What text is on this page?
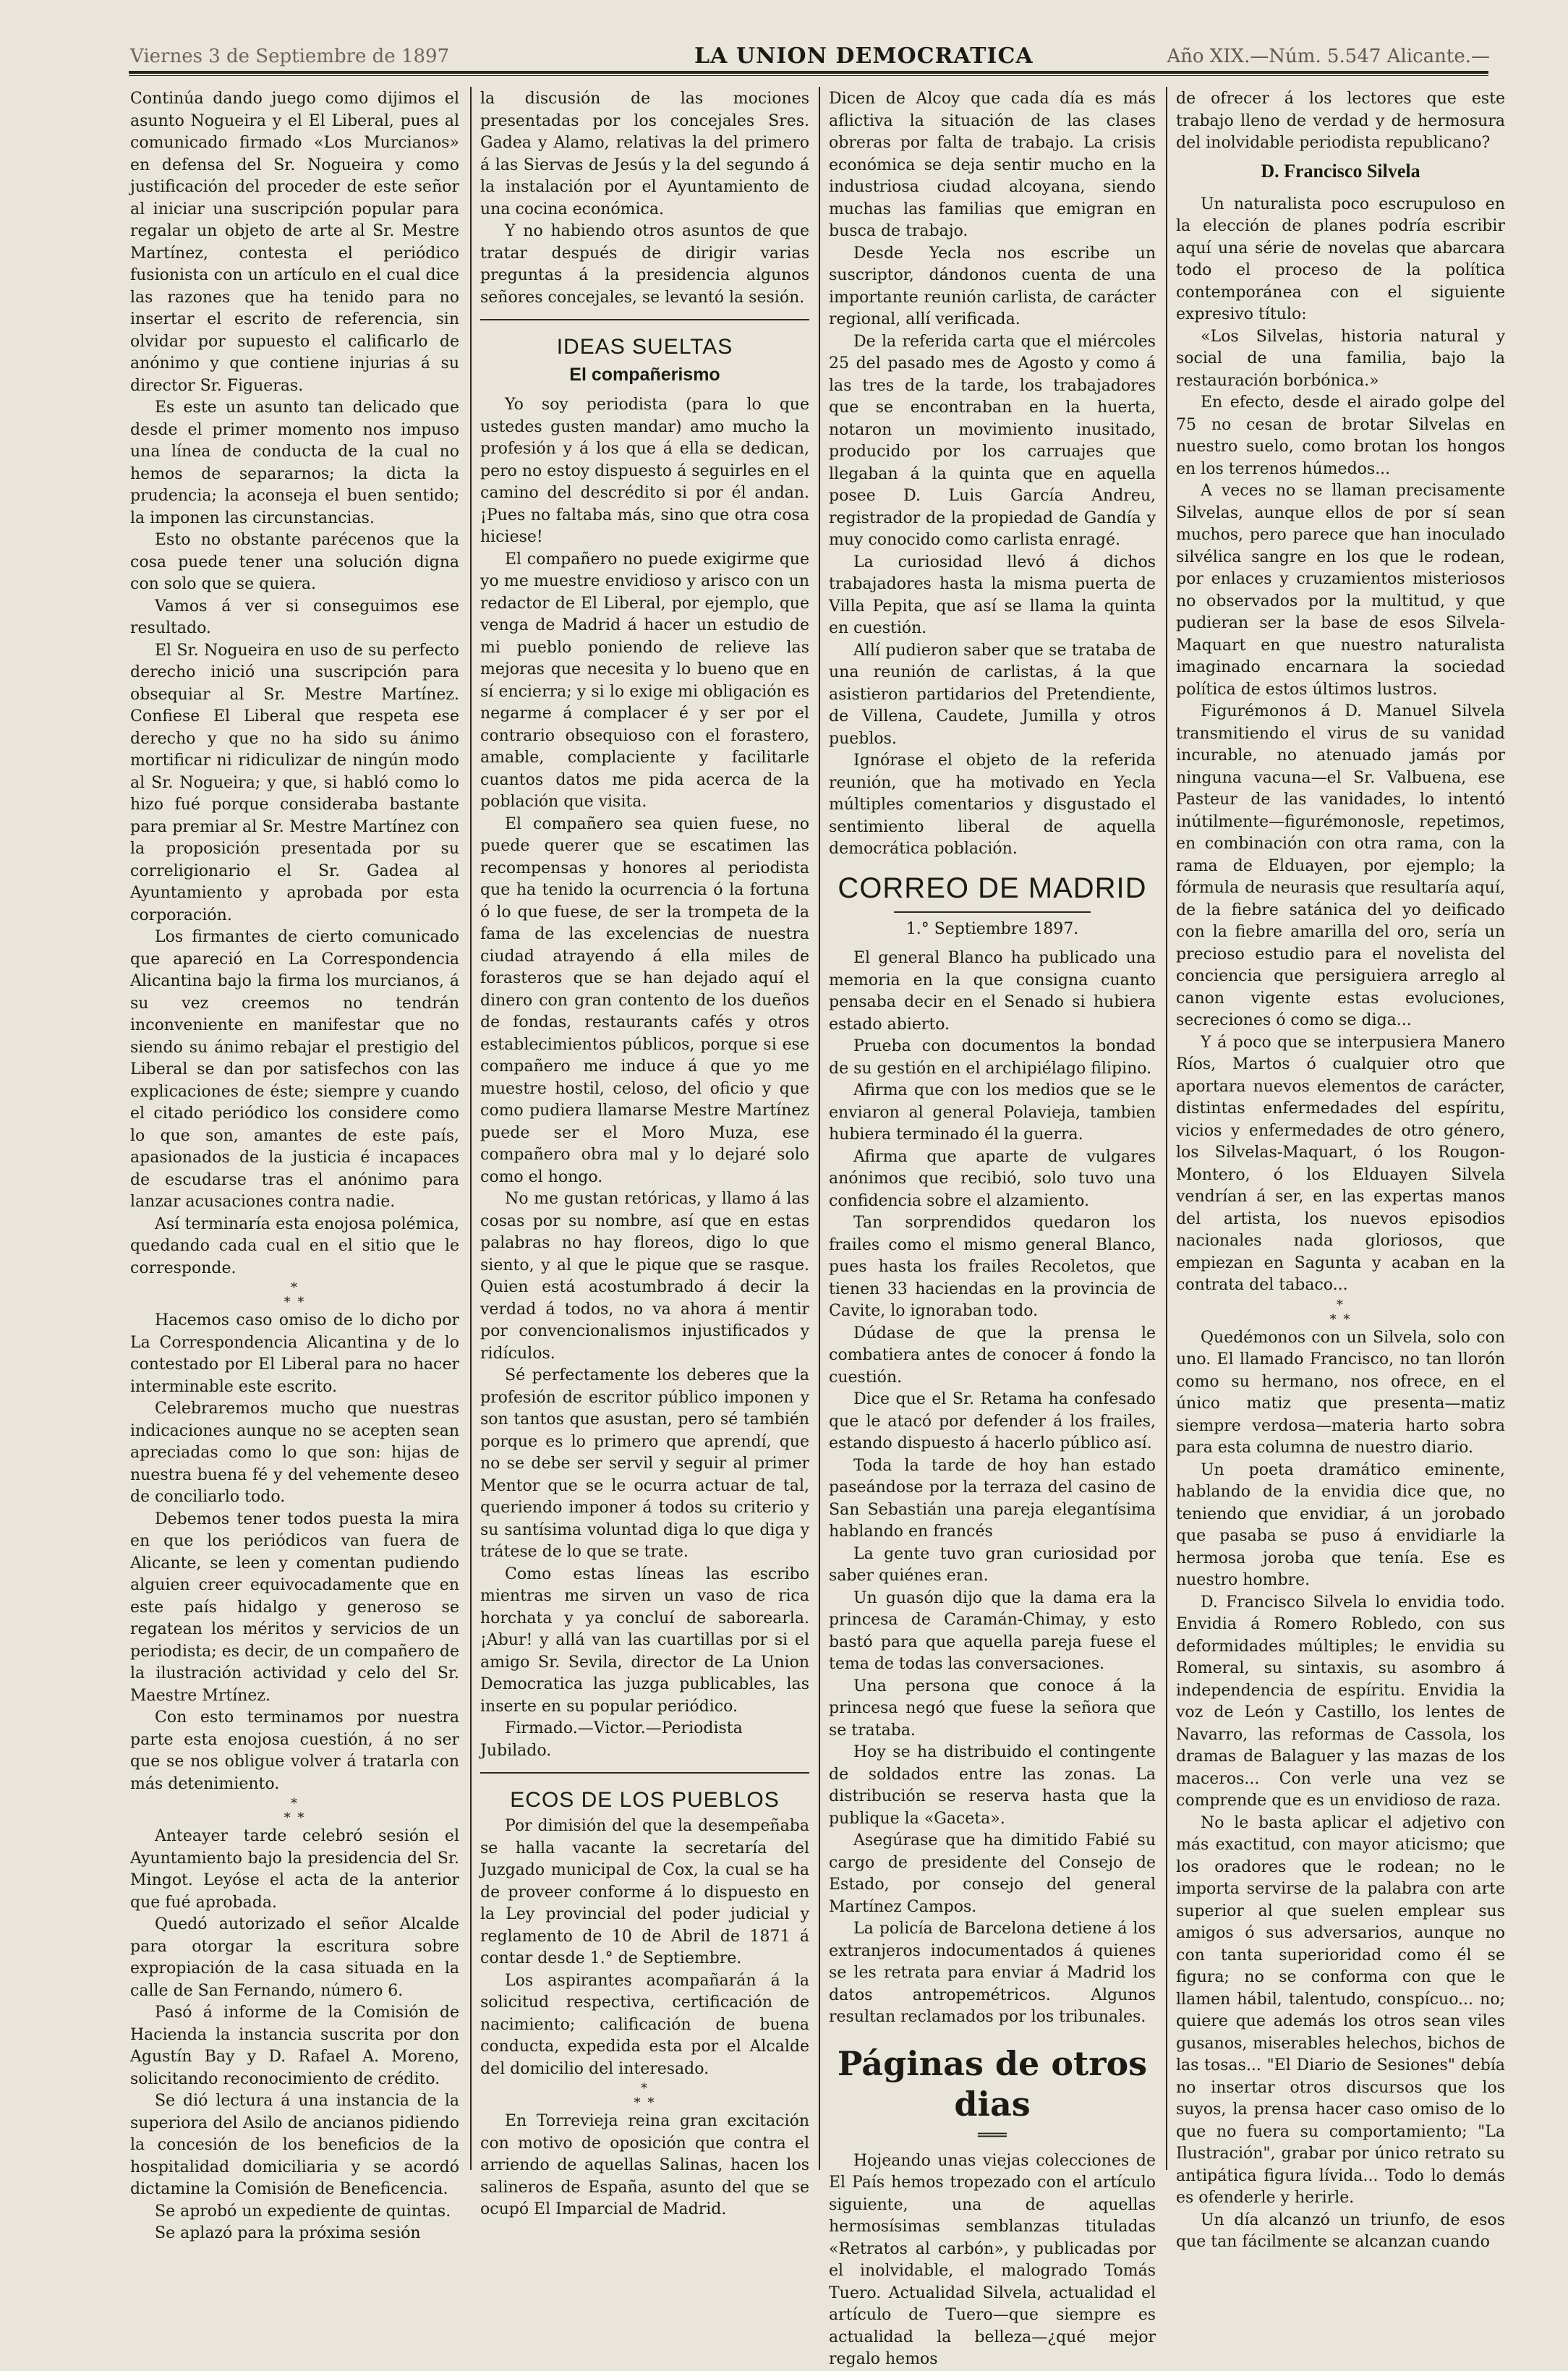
Viernes 3 de Septiembre de 1897	LA UNION DEMOCRATICA	Año XIX.—Núm. 5.547 Alicante.—

Continúa dando juego como dijimos el asunto Nogueira y el El Liberal, pues al comunicado firmado «Los Murcianos» en defensa del Sr. Nogueira y como justificación del proceder de este señor al iniciar una suscripción popular para regalar un objeto de arte al Sr. Mestre Martínez, contesta el periódico fusionista con un artículo en el cual dice las razones que ha tenido para no insertar el escrito de referencia, sin olvidar por supuesto el calificarlo de anónimo y que contiene injurias á su director Sr. Figueras.

Es este un asunto tan delicado que desde el primer momento nos impuso una línea de conducta de la cual no hemos de separarnos; la dicta la prudencia; la aconseja el buen sentido; la imponen las circunstancias.

Esto no obstante parécenos que la cosa puede tener una solución digna con solo que se quiera.

Vamos á ver si conseguimos ese resultado.

El Sr. Nogueira en uso de su perfecto derecho inició una suscripción para obsequiar al Sr. Mestre Martínez. Confiese El Liberal que respeta ese derecho y que no ha sido su ánimo mortificar ni ridiculizar de ningún modo al Sr. Nogueira; y que, si habló como lo hizo fué porque consideraba bastante para premiar al Sr. Mestre Martínez con la proposición presentada por su correligionario el Sr. Gadea al Ayuntamiento y aprobada por esta corporación.

Los firmantes de cierto comunicado que apareció en La Correspondencia Alicantina bajo la firma los murcianos, á su vez creemos no tendrán inconveniente en manifestar que no siendo su ánimo rebajar el prestigio del Liberal se dan por satisfechos con las explicaciones de éste; siempre y cuando el citado periódico los considere como lo que son, amantes de este país, apasionados de la justicia é incapaces de escudarse tras el anónimo para lanzar acusaciones contra nadie.

Así terminaría esta enojosa polémica, quedando cada cual en el sitio que le corresponde.

*
* *

Hacemos caso omiso de lo dicho por La Correspondencia Alicantina y de lo contestado por El Liberal para no hacer interminable este escrito.

Celebraremos mucho que nuestras indicaciones aunque no se acepten sean apreciadas como lo que son: hijas de nuestra buena fé y del vehemente deseo de conciliarlo todo.

Debemos tener todos puesta la mira en que los periódicos van fuera de Alicante, se leen y comentan pudiendo alguien creer equivocadamente que en este país hidalgo y generoso se regatean los méritos y servicios de un periodista; es decir, de un compañero de la ilustración actividad y celo del Sr. Maestre Mrtínez.

Con esto terminamos por nuestra parte esta enojosa cuestión, á no ser que se nos obligue volver á tratarla con más detenimiento.

*
* *

Anteayer tarde celebró sesión el Ayuntamiento bajo la presidencia del Sr. Mingot. Leyóse el acta de la anterior que fué aprobada.

Quedó autorizado el señor Alcalde para otorgar la escritura sobre expropiación de la casa situada en la calle de San Fernando, número 6.

Pasó á informe de la Comisión de Hacienda la instancia suscrita por don Agustín Bay y D. Rafael A. Moreno, solicitando reconocimiento de crédito.

Se dió lectura á una instancia de la superiora del Asilo de ancianos pidiendo la concesión de los beneficios de la hospitalidad domiciliaria y se acordó dictamine la Comisión de Beneficencia.

Se aprobó un expediente de quintas.

Se aplazó para la próxima sesión

la discusión de las mociones presentadas por los concejales Sres. Gadea y Alamo, relativas la del primero á las Siervas de Jesús y la del segundo á la instalación por el Ayuntamiento de una cocina económica.

Y no habiendo otros asuntos de que tratar después de dirigir varias preguntas á la presidencia algunos señores concejales, se levantó la sesión.

IDEAS SUELTAS
El compañerismo

Yo soy periodista (para lo que ustedes gusten mandar) amo mucho la profesión y á los que á ella se dedican, pero no estoy dispuesto á seguirles en el camino del descrédito si por él andan. ¡Pues no faltaba más, sino que otra cosa hiciese!

El compañero no puede exigirme que yo me muestre envidioso y arisco con un redactor de El Liberal, por ejemplo, que venga de Madrid á hacer un estudio de mi pueblo poniendo de relieve las mejoras que necesita y lo bueno que en sí encierra; y si lo exige mi obligación es negarme á complacer é y ser por el contrario obsequioso con el forastero, amable, complaciente y facilitarle cuantos datos me pida acerca de la población que visita.

El compañero sea quien fuese, no puede querer que se escatimen las recompensas y honores al periodista que ha tenido la ocurrencia ó la fortuna ó lo que fuese, de ser la trompeta de la fama de las excelencias de nuestra ciudad atrayendo á ella miles de forasteros que se han dejado aquí el dinero con gran contento de los dueños de fondas, restaurants cafés y otros establecimientos públicos, porque si ese compañero me induce á que yo me muestre hostil, celoso, del oficio y que como pudiera llamarse Mestre Martínez puede ser el Moro Muza, ese compañero obra mal y lo dejaré solo como el hongo.

No me gustan retóricas, y llamo á las cosas por su nombre, así que en estas palabras no hay floreos, digo lo que siento, y al que le pique que se rasque. Quien está acostumbrado á decir la verdad á todos, no va ahora á mentir por convencionalismos injustificados y ridículos.

Sé perfectamente los deberes que la profesión de escritor público imponen y son tantos que asustan, pero sé también porque es lo primero que aprendí, que no se debe ser servil y seguir al primer Mentor que se le ocurra actuar de tal, queriendo imponer á todos su criterio y su santísima voluntad diga lo que diga y trátese de lo que se trate.

Como estas líneas las escribo mientras me sirven un vaso de rica horchata y ya concluí de saborearla. ¡Abur! y allá van las cuartillas por si el amigo Sr. Sevila, director de La Union Democratica las juzga publicables, las inserte en su popular periódico.

Firmado.—Victor.—Periodista Jubilado.

ECOS DE LOS PUEBLOS

Por dimisión del que la desempeñaba se halla vacante la secretaría del Juzgado municipal de Cox, la cual se ha de proveer conforme á lo dispuesto en la Ley provincial del poder judicial y reglamento de 10 de Abril de 1871 á contar desde 1.° de Septiembre.

Los aspirantes acompañarán á la solicitud respectiva, certificación de nacimiento; calificación de buena conducta, expedida esta por el Alcalde del domicilio del interesado.

*
* *

En Torrevieja reina gran excitación con motivo de oposición que contra el arriendo de aquellas Salinas, hacen los salineros de España, asunto del que se ocupó El Imparcial de Madrid.

Dicen de Alcoy que cada día es más aflictiva la situación de las clases obreras por falta de trabajo. La crisis económica se deja sentir mucho en la industriosa ciudad alcoyana, siendo muchas las familias que emigran en busca de trabajo.

Desde Yecla nos escribe un suscriptor, dándonos cuenta de una importante reunión carlista, de carácter regional, allí verificada.

De la referida carta que el miércoles 25 del pasado mes de Agosto y como á las tres de la tarde, los trabajadores que se encontraban en la huerta, notaron un movimiento inusitado, producido por los carruajes que llegaban á la quinta que en aquella posee D. Luis García Andreu, registrador de la propiedad de Gandía y muy conocido como carlista enragé.

La curiosidad llevó á dichos trabajadores hasta la misma puerta de Villa Pepita, que así se llama la quinta en cuestión.

Allí pudieron saber que se trataba de una reunión de carlistas, á la que asistieron partidarios del Pretendiente, de Villena, Caudete, Jumilla y otros pueblos.

Ignórase el objeto de la referida reunión, que ha motivado en Yecla múltiples comentarios y disgustado el sentimiento liberal de aquella democrática población.

CORREO DE MADRID
1.° Septiembre 1897.

El general Blanco ha publicado una memoria en la que consigna cuanto pensaba decir en el Senado si hubiera estado abierto.

Prueba con documentos la bondad de su gestión en el archipiélago filipino.

Afirma que con los medios que se le enviaron al general Polavieja, tambien hubiera terminado él la guerra.

Afirma que aparte de vulgares anónimos que recibió, solo tuvo una confidencia sobre el alzamiento.

Tan sorprendidos quedaron los frailes como el mismo general Blanco, pues hasta los frailes Recoletos, que tienen 33 haciendas en la provincia de Cavite, lo ignoraban todo.

Dúdase de que la prensa le combatiera antes de conocer á fondo la cuestión.

Dice que el Sr. Retama ha confesado que le atacó por defender á los frailes, estando dispuesto á hacerlo público así.

Toda la tarde de hoy han estado paseándose por la terraza del casino de San Sebastián una pareja elegantísima hablando en francés

La gente tuvo gran curiosidad por saber quiénes eran.

Un guasón dijo que la dama era la princesa de Caramán-Chimay, y esto bastó para que aquella pareja fuese el tema de todas las conversaciones.

Una persona que conoce á la princesa negó que fuese la señora que se trataba.

Hoy se ha distribuido el contingente de soldados entre las zonas. La distribución se reserva hasta que la publique la «Gaceta».

Asegúrase que ha dimitido Fabié su cargo de presidente del Consejo de Estado, por consejo del general Martínez Campos.

La policía de Barcelona detiene á los extranjeros indocumentados á quienes se les retrata para enviar á Madrid los datos antropemétricos. Algunos resultan reclamados por los tribunales.

Páginas de otros dias
═══

Hojeando unas viejas colecciones de El País hemos tropezado con el artículo siguiente, una de aquellas hermosísimas semblanzas tituladas «Retratos al carbón», y publicadas por el inolvidable, el malogrado Tomás Tuero. Actualidad Silvela, actualidad el artículo de Tuero—que siempre es actualidad la belleza—¿qué mejor regalo hemos

de ofrecer á los lectores que este trabajo lleno de verdad y de hermosura del inolvidable periodista republicano?

D. Francisco Silvela

Un naturalista poco escrupuloso en la elección de planes podría escribir aquí una série de novelas que abarcara todo el proceso de la política contemporánea con el siguiente expresivo título:

«Los Silvelas, historia natural y social de una familia, bajo la restauración borbónica.»

En efecto, desde el airado golpe del 75 no cesan de brotar Silvelas en nuestro suelo, como brotan los hongos en los terrenos húmedos...

A veces no se llaman precisamente Silvelas, aunque ellos de por sí sean muchos, pero parece que han inoculado silvélica sangre en los que le rodean, por enlaces y cruzamientos misteriosos no observados por la multitud, y que pudieran ser la base de esos Silvela-Maquart en que nuestro naturalista imaginado encarnara la sociedad política de estos últimos lustros.

Figurémonos á D. Manuel Silvela transmitiendo el virus de su vanidad incurable, no atenuado jamás por ninguna vacuna—el Sr. Valbuena, ese Pasteur de las vanidades, lo intentó inútilmente—figurémonosle, repetimos, en combinación con otra rama, con la rama de Elduayen, por ejemplo; la fórmula de neurasis que resultaría aquí, de la fiebre satánica del yo deificado con la fiebre amarilla del oro, sería un precioso estudio para el novelista del conciencia que persiguiera arreglo al canon vigente estas evoluciones, secreciones ó como se diga...

Y á poco que se interpusiera Manero Ríos, Martos ó cualquier otro que aportara nuevos elementos de carácter, distintas enfermedades del espíritu, vicios y enfermedades de otro género, los Silvelas-Maquart, ó los Rougon-Montero, ó los Elduayen Silvela vendrían á ser, en las expertas manos del artista, los nuevos episodios nacionales nada gloriosos, que empiezan en Sagunta y acaban en la contrata del tabaco...

*
* *

Quedémonos con un Silvela, solo con uno. El llamado Francisco, no tan llorón como su hermano, nos ofrece, en el único matiz que presenta—matiz siempre verdosa—materia harto sobra para esta columna de nuestro diario.

Un poeta dramático eminente, hablando de la envidia dice que, no teniendo que envidiar, á un jorobado que pasaba se puso á envidiarle la hermosa joroba que tenía. Ese es nuestro hombre.

D. Francisco Silvela lo envidia todo. Envidia á Romero Robledo, con sus deformidades múltiples; le envidia su Romeral, su sintaxis, su asombro á independencia de espíritu. Envidia la voz de León y Castillo, los lentes de Navarro, las reformas de Cassola, los dramas de Balaguer y las mazas de los maceros... Con verle una vez se comprende que es un envidioso de raza.

No le basta aplicar el adjetivo con más exactitud, con mayor aticismo; que los oradores que le rodean; no le importa servirse de la palabra con arte superior al que suelen emplear sus amigos ó sus adversarios, aunque no con tanta superioridad como él se figura; no se conforma con que le llamen hábil, talentudo, conspícuo... no; quiere que además los otros sean viles gusanos, miserables helechos, bichos de las tosas... "El Diario de Sesiones" debía no insertar otros discursos que los suyos, la prensa hacer caso omiso de lo que no fuera su comportamiento; "La Ilustración", grabar por único retrato su antipática figura lívida... Todo lo demás es ofenderle y herirle.

Un día alcanzó un triunfo, de esos que tan fácilmente se alcanzan cuando
